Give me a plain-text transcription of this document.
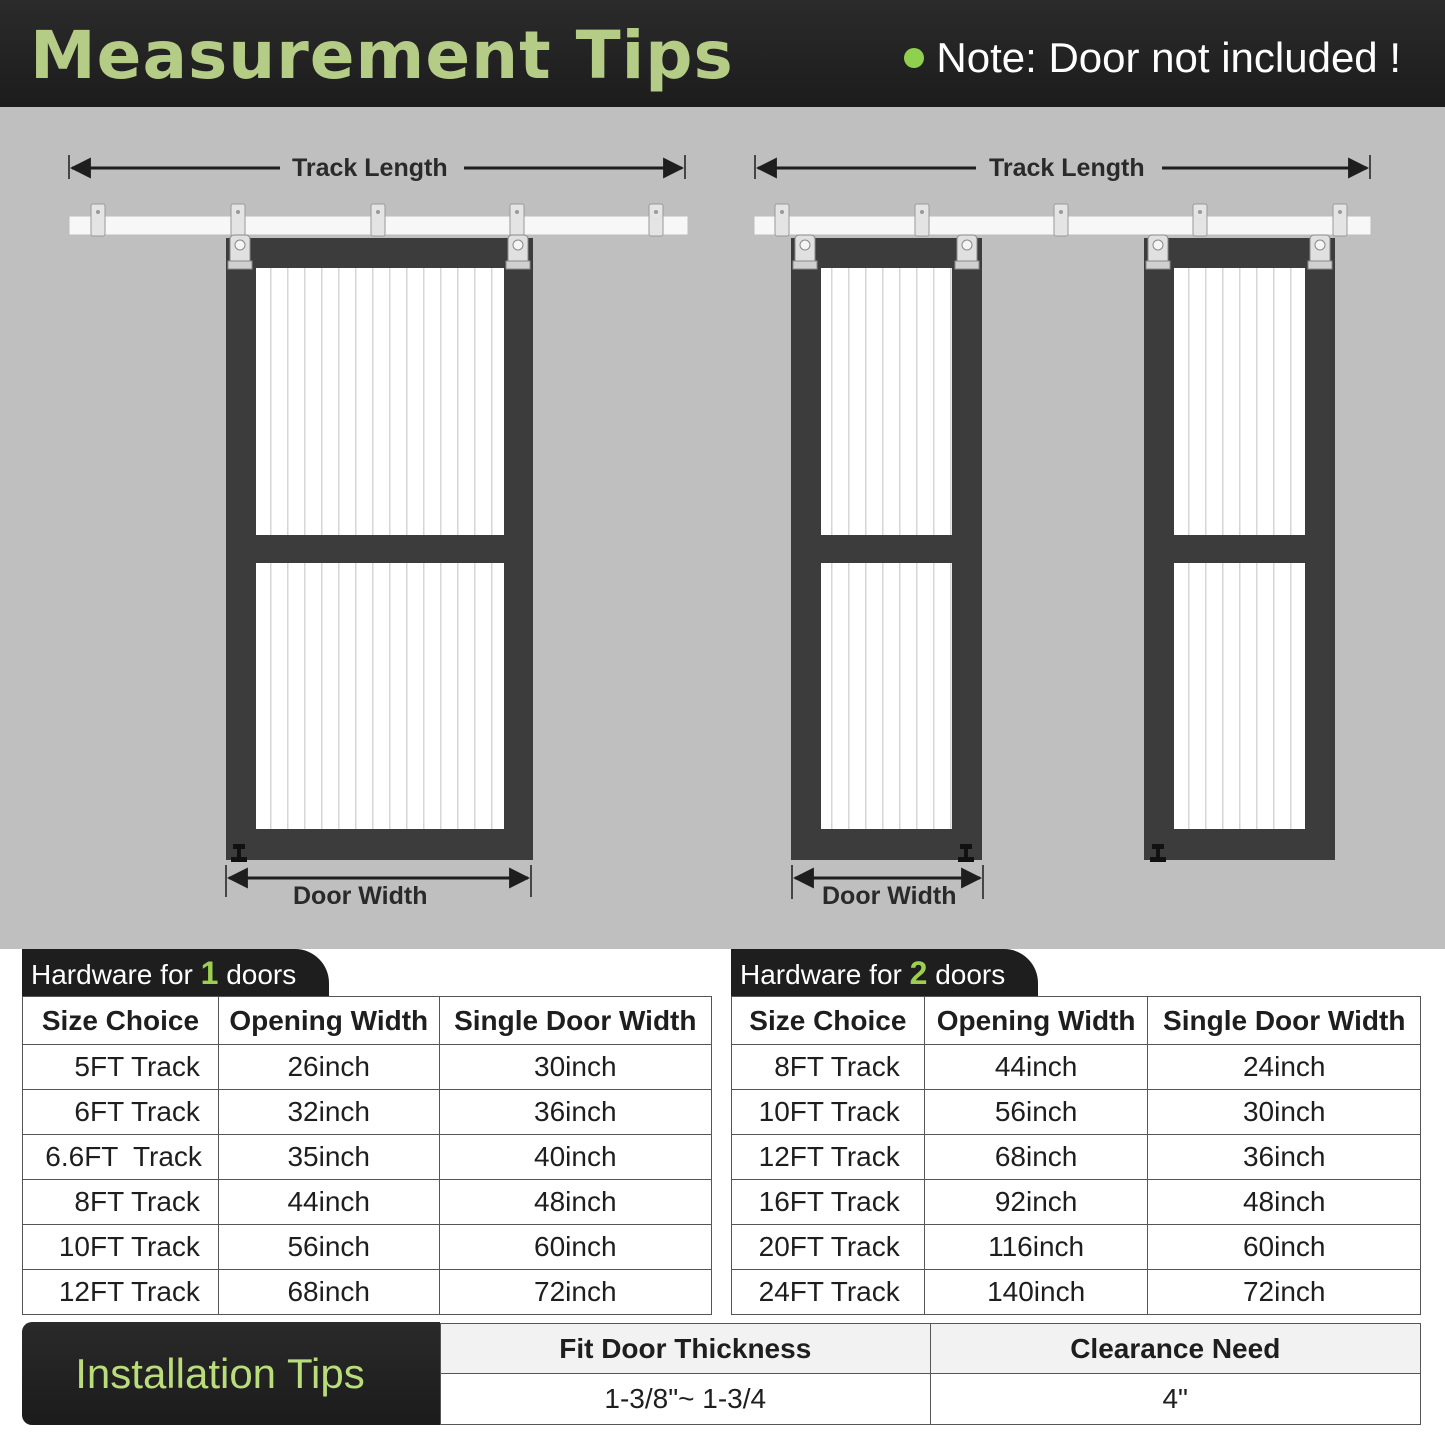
Measurement Tips	Note: Door not included !
Track Length
Door Width
Track Length
Door Width
Hardware for 1 doors
Size Choice	Opening Width	Single Door Width
5FT Track	26inch	30inch
6FT Track	32inch	36inch
6.6FT  Track	35inch	40inch
8FT Track	44inch	48inch
10FT Track	56inch	60inch
12FT Track	68inch	72inch
Hardware for 2 doors
Size Choice	Opening Width	Single Door Width
8FT Track	44inch	24inch
10FT Track	56inch	30inch
12FT Track	68inch	36inch
16FT Track	92inch	48inch
20FT Track	116inch	60inch
24FT Track	140inch	72inch
Installation Tips
Fit Door Thickness	Clearance Need
1-3/8"~ 1-3/4	4"
